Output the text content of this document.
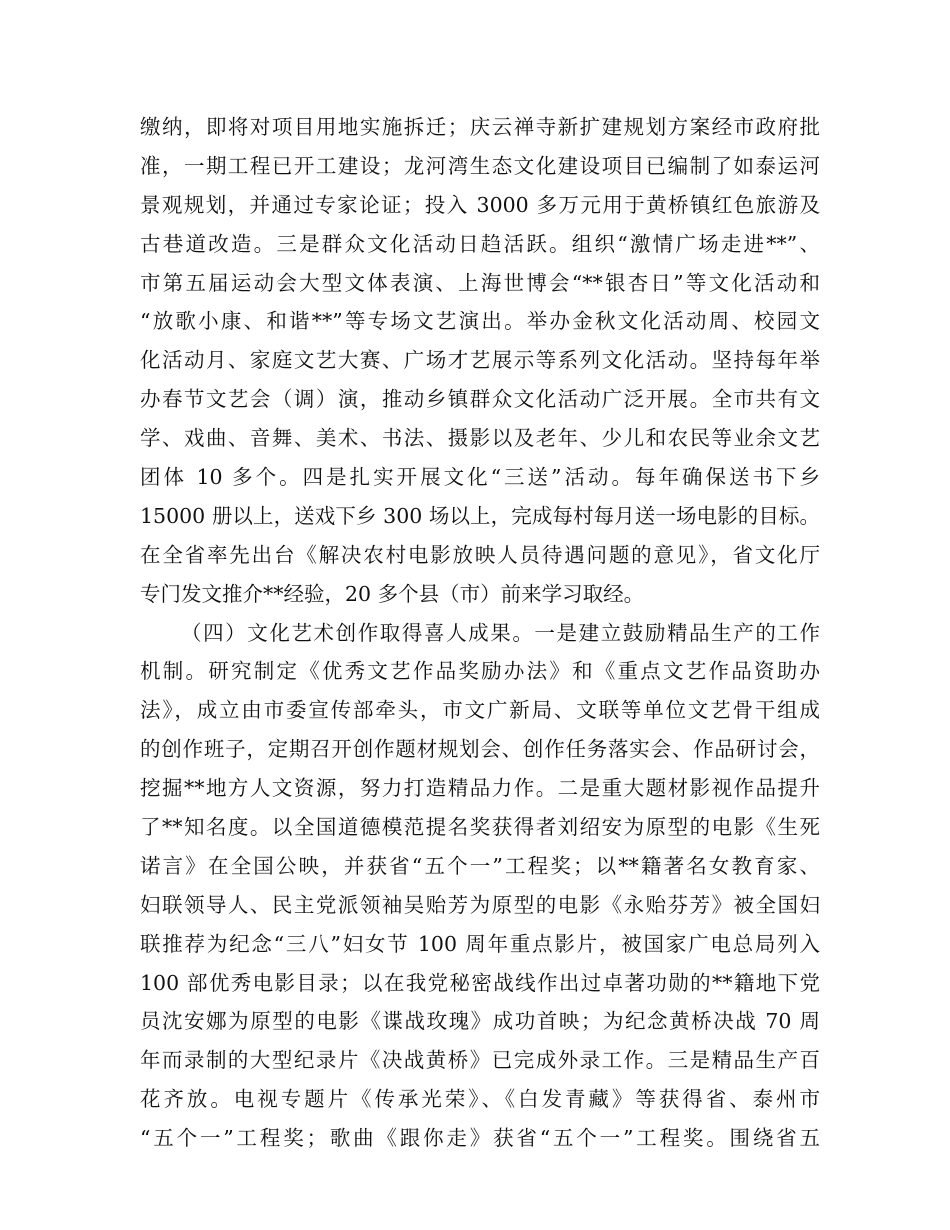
缴纳，即将对项目用地实施拆迁；庆云禅寺新扩建规划方案经市政府批
准，一期工程已开工建设；龙河湾生态文化建设项目已编制了如泰运河
景观规划，并通过专家论证；投入 3000 多万元用于黄桥镇红色旅游及
古巷道改造。三是群众文化活动日趋活跃。组织“激情广场走进**”、
市第五届运动会大型文体表演、上海世博会“**银杏日”等文化活动和
“放歌小康、和谐**”等专场文艺演出。举办金秋文化活动周、校园文
化活动月、家庭文艺大赛、广场才艺展示等系列文化活动。坚持每年举
办春节文艺会（调）演，推动乡镇群众文化活动广泛开展。全市共有文
学、戏曲、音舞、美术、书法、摄影以及老年、少儿和农民等业余文艺
团体 10 多个。四是扎实开展文化“三送”活动。每年确保送书下乡
15000 册以上，送戏下乡 300 场以上，完成每村每月送一场电影的目标。
在全省率先出台《解决农村电影放映人员待遇问题的意见》，省文化厅
专门发文推介**经验，20 多个县（市）前来学习取经。
（四）文化艺术创作取得喜人成果。一是建立鼓励精品生产的工作
机制。研究制定《优秀文艺作品奖励办法》和《重点文艺作品资助办
法》，成立由市委宣传部牵头，市文广新局、文联等单位文艺骨干组成
的创作班子，定期召开创作题材规划会、创作任务落实会、作品研讨会，
挖掘**地方人文资源，努力打造精品力作。二是重大题材影视作品提升
了**知名度。以全国道德模范提名奖获得者刘绍安为原型的电影《生死
诺言》在全国公映，并获省“五个一”工程奖；以**籍著名女教育家、
妇联领导人、民主党派领袖吴贻芳为原型的电影《永贻芬芳》被全国妇
联推荐为纪念“三八”妇女节 100 周年重点影片，被国家广电总局列入
100 部优秀电影目录；以在我党秘密战线作出过卓著功勋的**籍地下党
员沈安娜为原型的电影《谍战玫瑰》成功首映；为纪念黄桥决战 70 周
年而录制的大型纪录片《决战黄桥》已完成外录工作。三是精品生产百
花齐放。电视专题片《传承光荣》、《白发青藏》等获得省、泰州市
“五个一”工程奖；歌曲《跟你走》获省“五个一”工程奖。围绕省五
